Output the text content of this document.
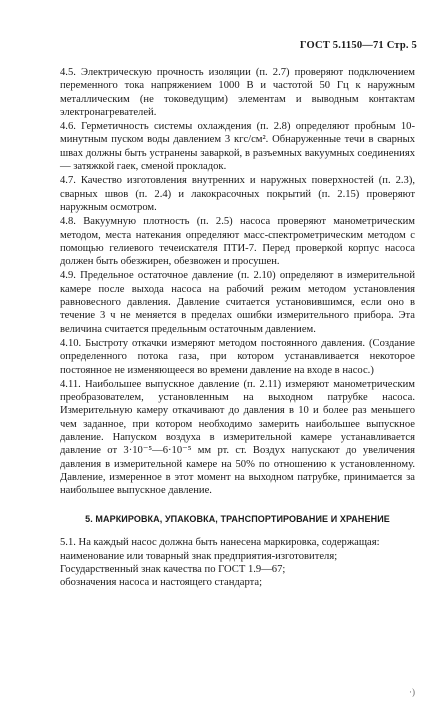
ГОСТ 5.1150—71 Стр. 5

4.5. Электрическую прочность изоляции (п. 2.7) проверяют подключением переменного тока напряжением 1000 В и частотой 50 Гц к наружным металлическим (не токоведущим) элементам и выводным контактам электронагревателей.

4.6. Герметичность системы охлаждения (п. 2.8) определяют пробным 10-минутным пуском воды давлением 3 кгс/см². Обнаруженные течи в сварных швах должны быть устранены заваркой, в разъемных вакуумных соединениях — затяжкой гаек, сменой прокладок.

4.7. Качество изготовления внутренних и наружных поверхностей (п. 2.3), сварных швов (п. 2.4) и лакокрасочных покрытий (п. 2.15) проверяют наружным осмотром.

4.8. Вакуумную плотность (п. 2.5) насоса проверяют манометрическим методом, места натекания определяют масс-спектрометрическим методом с помощью гелиевого течеискателя ПТИ-7. Перед проверкой корпус насоса должен быть обезжирен, обезвожен и просушен.

4.9. Предельное остаточное давление (п. 2.10) определяют в измерительной камере после выхода насоса на рабочий режим методом установления равновесного давления. Давление считается установившимся, если оно в течение 3 ч не меняется в пределах ошибки измерительного прибора. Эта величина считается предельным остаточным давлением.

4.10. Быстроту откачки измеряют методом постоянного давления. (Создание определенного потока газа, при котором устанавливается некоторое постоянное не изменяющееся во времени давление на входе в насос.)

4.11. Наибольшее выпускное давление (п. 2.11) измеряют манометрическим преобразователем, установленным на выходном патрубке насоса. Измерительную камеру откачивают до давления в 10 и более раз меньшего чем заданное, при котором необходимо замерить наибольшее выпускное давление. Напуском воздуха в измерительной камере устанавливается давление от 3·10⁻⁵—6·10⁻⁵ мм рт. ст. Воздух напускают до увеличения давления в измерительной камере на 50% по отношению к установленному. Давление, измеренное в этот момент на выходном патрубке, принимается за наибольшее выпускное давление.

5. МАРКИРОВКА, УПАКОВКА, ТРАНСПОРТИРОВАНИЕ И ХРАНЕНИЕ

5.1. На каждый насос должна быть нанесена маркировка, содержащая:

наименование или товарный знак предприятия-изготовителя;

Государственный знак качества по ГОСТ 1.9—67;

обозначения насоса и настоящего стандарта;

·)
